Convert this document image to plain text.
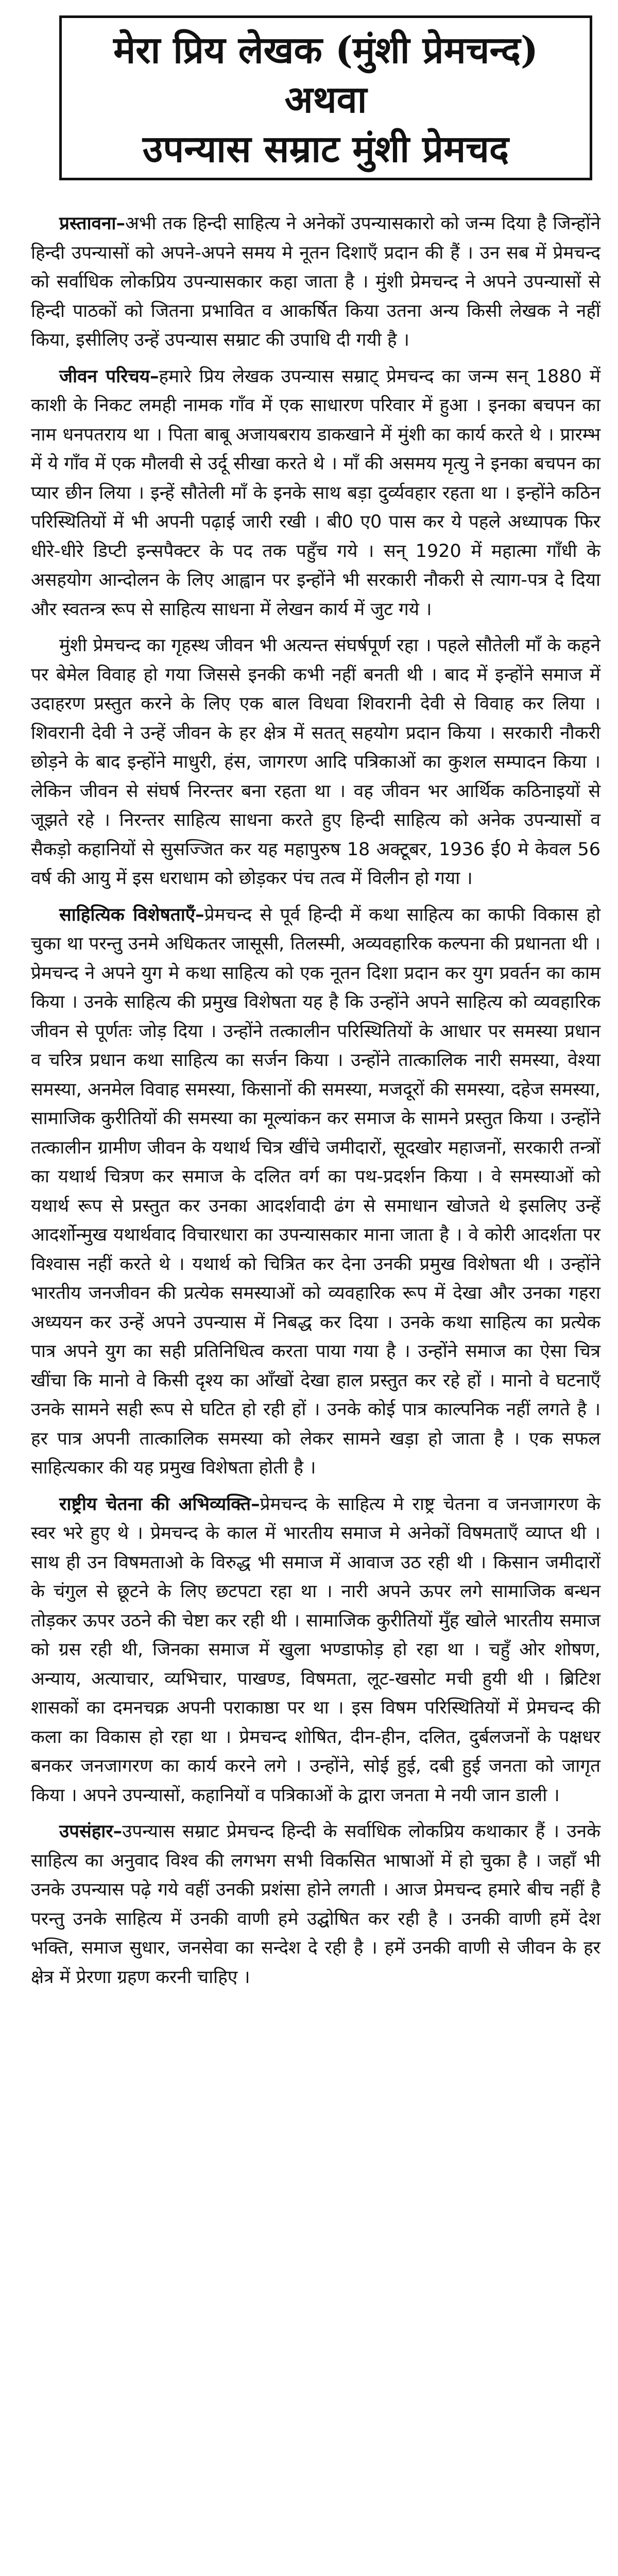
मेरा प्रिय लेखक (मुंशी प्रेमचन्द)

अथवा

उपन्यास सम्राट मुंशी प्रेमचद

प्रस्तावना–अभी तक हिन्दी साहित्य ने अनेकों उपन्यासकारो को जन्म दिया है जिन्होंने हिन्दी उपन्यासों को अपने-अपने समय मे नूतन दिशाएँ प्रदान की हैं । उन सब में प्रेमचन्द को सर्वाधिक लोकप्रिय उपन्यासकार कहा जाता है । मुंशी प्रेमचन्द ने अपने उपन्यासों से हिन्दी पाठकों को जितना प्रभावित व आकर्षित किया उतना अन्य किसी लेखक ने नहीं किया, इसीलिए उन्हें उपन्यास सम्राट की उपाधि दी गयी है ।

जीवन परिचय–हमारे प्रिय लेखक उपन्यास सम्राट् प्रेमचन्द का जन्म सन् 1880 में काशी के निकट लमही नामक गाँव में एक साधारण परिवार में हुआ । इनका बचपन का नाम धनपतराय था । पिता बाबू अजायबराय डाकखाने में मुंशी का कार्य करते थे । प्रारम्भ में ये गाँव में एक मौलवी से उर्दू सीखा करते थे । माँ की असमय मृत्यु ने इनका बचपन का प्यार छीन लिया । इन्हें सौतेली माँ के इनके साथ बड़ा दुर्व्यवहार रहता था । इन्होंने कठिन परिस्थितियों में भी अपनी पढ़ाई जारी रखी । बी0 ए0 पास कर ये पहले अध्यापक फिर धीरे-धीरे डिप्टी इन्सपैक्टर के पद तक पहुँच गये । सन् 1920 में महात्मा गाँधी के असहयोग आन्दोलन के लिए आह्वान पर इन्होंने भी सरकारी नौकरी से त्याग-पत्र दे दिया और स्वतन्त्र रूप से साहित्य साधना में लेखन कार्य में जुट गये ।

मुंशी प्रेमचन्द का गृहस्थ जीवन भी अत्यन्त संघर्षपूर्ण रहा । पहले सौतेली माँ के कहने पर बेमेल विवाह हो गया जिससे इनकी कभी नहीं बनती थी । बाद में इन्होंने समाज में उदाहरण प्रस्तुत करने के लिए एक बाल विधवा शिवरानी देवी से विवाह कर लिया । शिवरानी देवी ने उन्हें जीवन के हर क्षेत्र में सतत् सहयोग प्रदान किया । सरकारी नौकरी छोड़ने के बाद इन्होंने माधुरी, हंस, जागरण आदि पत्रिकाओं का कुशल सम्पादन किया । लेकिन जीवन से संघर्ष निरन्तर बना रहता था । वह जीवन भर आर्थिक कठिनाइयों से जूझते रहे । निरन्तर साहित्य साधना करते हुए हिन्दी साहित्य को अनेक उपन्यासों व सैकड़ो कहानियों से सुसज्जित कर यह महापुरुष 18 अक्टूबर, 1936 ई0 मे केवल 56 वर्ष की आयु में इस धराधाम को छोड़कर पंच तत्व में विलीन हो गया ।

साहित्यिक विशेषताएँ–प्रेमचन्द से पूर्व हिन्दी में कथा साहित्य का काफी विकास हो चुका था परन्तु उनमे अधिकतर जासूसी, तिलस्मी, अव्यवहारिक कल्पना की प्रधानता थी । प्रेमचन्द ने अपने युग मे कथा साहित्य को एक नूतन दिशा प्रदान कर युग प्रवर्तन का काम किया । उनके साहित्य की प्रमुख विशेषता यह है कि उन्होंने अपने साहित्य को व्यवहारिक जीवन से पूर्णतः जोड़ दिया । उन्होंने तत्कालीन परिस्थितियों के आधार पर समस्या प्रधान व चरित्र प्रधान कथा साहित्य का सर्जन किया । उन्होंने तात्कालिक नारी समस्या, वेश्या समस्या, अनमेल विवाह समस्या, किसानों की समस्या, मजदूरों की समस्या, दहेज समस्या, सामाजिक कुरीतियों की समस्या का मूल्यांकन कर समाज के सामने प्रस्तुत किया । उन्होंने तत्कालीन ग्रामीण जीवन के यथार्थ चित्र खींचे जमीदारों, सूदखोर महाजनों, सरकारी तन्त्रों का यथार्थ चित्रण कर समाज के दलित वर्ग का पथ-प्रदर्शन किया । वे समस्याओं को यथार्थ रूप से प्रस्तुत कर उनका आदर्शवादी ढंग से समाधान खोजते थे इसलिए उन्हें आदर्शोन्मुख यथार्थवाद विचारधारा का उपन्यासकार माना जाता है । वे कोरी आदर्शता पर विश्वास नहीं करते थे । यथार्थ को चित्रित कर देना उनकी प्रमुख विशेषता थी । उन्होंने भारतीय जनजीवन की प्रत्येक समस्याओं को व्यवहारिक रूप में देखा और उनका गहरा अध्ययन कर उन्हें अपने उपन्यास में निबद्ध कर दिया । उनके कथा साहित्य का प्रत्येक पात्र अपने युग का सही प्रतिनिधित्व करता पाया गया है । उन्होंने समाज का ऐसा चित्र खींचा कि मानो वे किसी दृश्य का आँखों देखा हाल प्रस्तुत कर रहे हों । मानो वे घटनाएँ उनके सामने सही रूप से घटित हो रही हों । उनके कोई पात्र काल्पनिक नहीं लगते है । हर पात्र अपनी तात्कालिक समस्या को लेकर सामने खड़ा हो जाता है । एक सफल साहित्यकार की यह प्रमुख विशेषता होती है ।

राष्ट्रीय चेतना की अभिव्यक्ति–प्रेमचन्द के साहित्य मे राष्ट्र चेतना व जनजागरण के स्वर भरे हुए थे । प्रेमचन्द के काल में भारतीय समाज मे अनेकों विषमताएँ व्याप्त थी । साथ ही उन विषमताओ के विरुद्ध भी समाज में आवाज उठ रही थी । किसान जमीदारों के चंगुल से छूटने के लिए छटपटा रहा था । नारी अपने ऊपर लगे सामाजिक बन्धन तोड़कर ऊपर उठने की चेष्टा कर रही थी । सामाजिक कुरीतियों मुँह खोले भारतीय समाज को ग्रस रही थी, जिनका समाज में खुला भण्डाफोड़ हो रहा था । चहुँ ओर शोषण, अन्याय, अत्याचार, व्यभिचार, पाखण्ड, विषमता, लूट-खसोट मची हुयी थी । ब्रिटिश शासकों का दमनचक्र अपनी पराकाष्ठा पर था । इस विषम परिस्थितियों में प्रेमचन्द की कला का विकास हो रहा था । प्रेमचन्द शोषित, दीन-हीन, दलित, दुर्बलजनों के पक्षधर बनकर जनजागरण का कार्य करने लगे । उन्होंने, सोई हुई, दबी हुई जनता को जागृत किया । अपने उपन्यासों, कहानियों व पत्रिकाओं के द्वारा जनता मे नयी जान डाली ।

उपसंहार–उपन्यास सम्राट प्रेमचन्द हिन्दी के सर्वाधिक लोकप्रिय कथाकार हैं । उनके साहित्य का अनुवाद विश्व की लगभग सभी विकसित भाषाओं में हो चुका है । जहाँ भी उनके उपन्यास पढ़े गये वहीं उनकी प्रशंसा होने लगती । आज प्रेमचन्द हमारे बीच नहीं है परन्तु उनके साहित्य में उनकी वाणी हमे उद्घोषित कर रही है । उनकी वाणी हमें देश भक्ति, समाज सुधार, जनसेवा का सन्देश दे रही है । हमें उनकी वाणी से जीवन के हर क्षेत्र में प्रेरणा ग्रहण करनी चाहिए ।
